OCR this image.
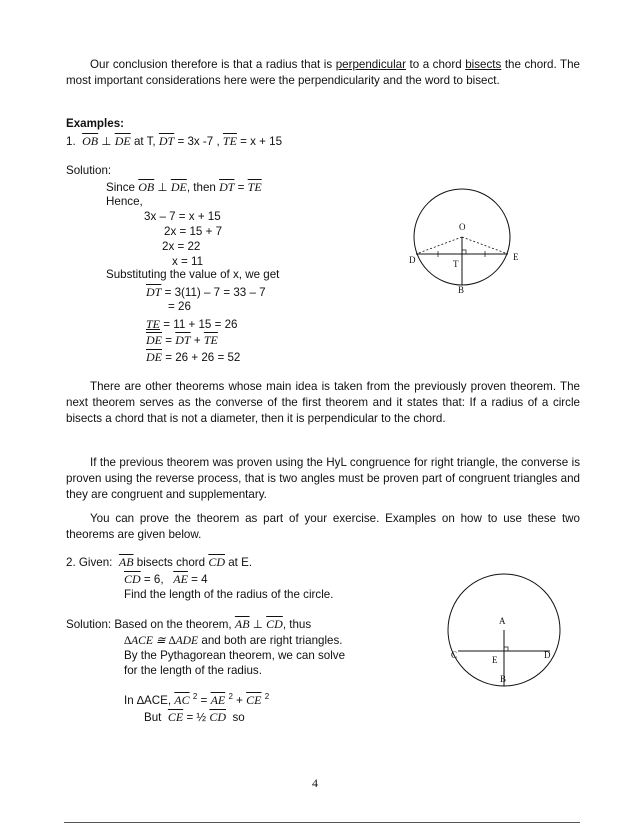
Our conclusion therefore is that a radius that is perpendicular to a chord bisects the chord. The most important considerations here were the perpendicularity and the word to bisect.

Examples:
1. $\overline{OB}$ ⊥ $\overline{DE}$ at T, $\overline{DT} = 3x$ -7 , $\overline{TE} = x + 15$
Solution:
Since $\overline{OB}$ ⊥ $\overline{DE}$, then $\overline{DT} = \overline{TE}$
Hence,
3x – 7 = x + 15
2x = 15 + 7
2x = 22
x = 11
Substituting the value of x, we get
$\overline{DT} = 3(11) - 7 = 33 - 7$
= 26
TE = 11 + 15 = 26
$\overline{DE} = \overline{DT} + \overline{TE}$
$\overline{DE} = 26 + 26 = 52$
O
D	T
E
B

There are other theorems whose main idea is taken from the previously proven theorem. The next theorem serves as the converse of the first theorem and it states that: If a radius of a circle bisects a chord that is not a diameter, then it is perpendicular to the chord.

If the previous theorem was proven using the HyL congruence for right triangle, the converse is proven using the reverse process, that is two angles must be proven part of congruent triangles and they are congruent and supplementary.

You can prove the theorem as part of your exercise. Examples on how to use these two theorems are given below.

2. Given: $\overline{AB}$ bisects chord $\overline{CD}$ at E.
$\overline{CD} = 6$, $\overline{AE} = 4$
Find the length of the radius of the circle.
Solution: Based on the theorem, $\overline{AB}$ ⊥ $\overline{CD}$, thus
∆ACE ≅ ∆ADE and both are right triangles.
By the Pythagorean theorem, we can solve
for the length of the radius.
In ∆ACE, $\overline{AC}$ $^2 = \overline{AE}$ $^2 + \overline{CE}$ $^2$
But $\overline{CE}$ = ½ $\overline{CD}$ so
A
C	E	D
B
4
